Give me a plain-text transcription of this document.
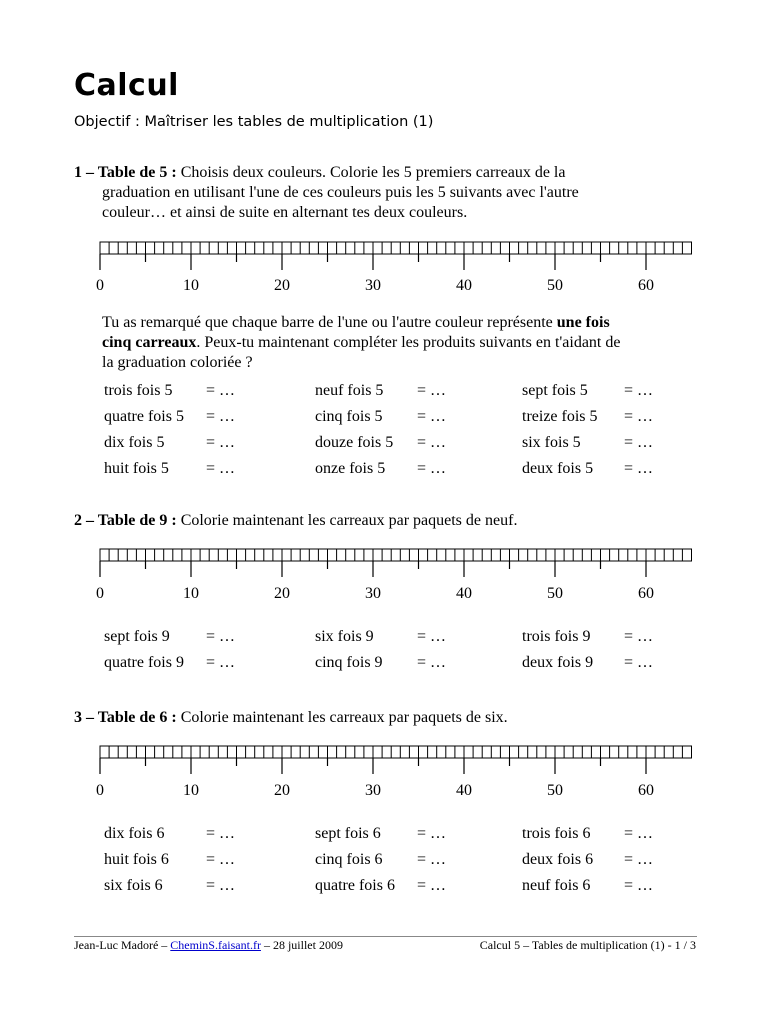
Calcul
Objectif : Maîtriser les tables de multiplication (1)
1 – Table de 5 : Choisis deux couleurs. Colorie les 5 premiers carreaux de la
graduation en utilisant l'une de ces couleurs puis les 5 suivants avec l'autre
couleur… et ainsi de suite en alternant tes deux couleurs.
0	10	20	30	40	50	60
Tu as remarqué que chaque barre de l'une ou l'autre couleur représente une fois
cinq carreaux. Peux-tu maintenant compléter les produits suivants en t'aidant de
la graduation coloriée ?
trois fois 5 = …	neuf fois 5 = …	sept fois 5 = …
quatre fois 5 = …	cinq fois 5 = …	treize fois 5 = …
dix fois 5	= …	douze fois 5 = …	six fois 5	= …
huit fois 5 = …	onze fois 5 = …	deux fois 5 = …
2 – Table de 9 : Colorie maintenant les carreaux par paquets de neuf.
0	10	20	30	40	50	60
sept fois 9 = …	six fois 9	= …	trois fois 9 = …
quatre fois 9 = …	cinq fois 9 = …	deux fois 9 = …
3 – Table de 6 : Colorie maintenant les carreaux par paquets de six.
0	10	20	30	40	50	60
dix fois 6	= …	sept fois 6 = …	trois fois 6 = …
huit fois 6 = …	cinq fois 6 = …	deux fois 6 = …
six fois 6	= …	quatre fois 6 = …	neuf fois 6 = …
Jean-Luc Madoré – CheminS.faisant.fr – 28 juillet 2009	Calcul 5 – Tables de multiplication (1) - 1 / 3
